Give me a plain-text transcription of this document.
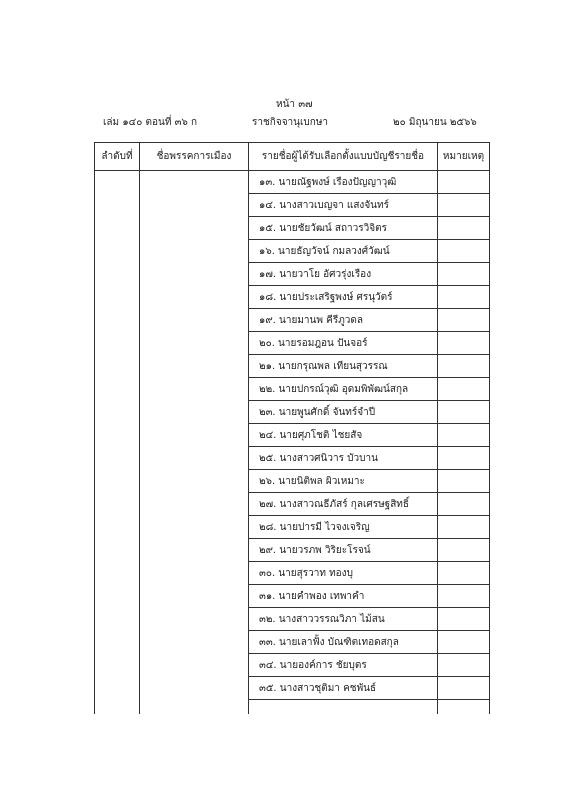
หน้า ๓๗
เล่ม ๑๔๐ ตอนที่ ๓๖ ก	ราชกิจจานุเบกษา	๒๐ มิถุนายน ๒๕๖๖
ลำดับที่	ชื่อพรรคการเมือง	รายชื่อผู้ได้รับเลือกตั้งแบบบัญชีรายชื่อ	หมายเหตุ
		๑๓. นายณัฐพงษ์ เรืองปัญญาวุฒิ	
		๑๔. นางสาวเบญจา แสงจันทร์	
		๑๕. นายชัยวัฒน์ สถาวรวิจิตร	
		๑๖. นายธัญวัจน์ กมลวงศ์วัฒน์	
		๑๗. นายวาโย อัศวรุ่งเรือง	
		๑๘. นายประเสริฐพงษ์ ศรนุวัตร์	
		๑๙. นายมานพ คีรีภูวดล	
		๒๐. นายรอมฎอน ปันจอร์	
		๒๑. นายกรุณพล เทียนสุวรรณ	
		๒๒. นายปกรณ์วุฒิ อุดมพิพัฒน์สกุล	
		๒๓. นายพูนศักดิ์ จันทร์จำปี	
		๒๔. นายศุภโชติ ไชยสัจ	
		๒๕. นางสาวศนิวาร บัวบาน	
		๒๖. นายนิติพล ผิวเหมาะ	
		๒๗. นางสาวณธีภัสร์ กุลเศรษฐสิทธิ์	
		๒๘. นายปารมี ไวจงเจริญ	
		๒๙. นายวรภพ วิริยะโรจน์	
		๓๐. นายสุรวาท ทองบุ	
		๓๑. นายคำพอง เทพาคำ	
		๓๒. นางสาววรรณวิภา ไม้สน	
		๓๓. นายเลาฟั้ง บัณฑิตเทอดสกุล	
		๓๔. นายองค์การ ชัยบุตร	
		๓๕. นางสาวชุติมา คชพันธ์	
